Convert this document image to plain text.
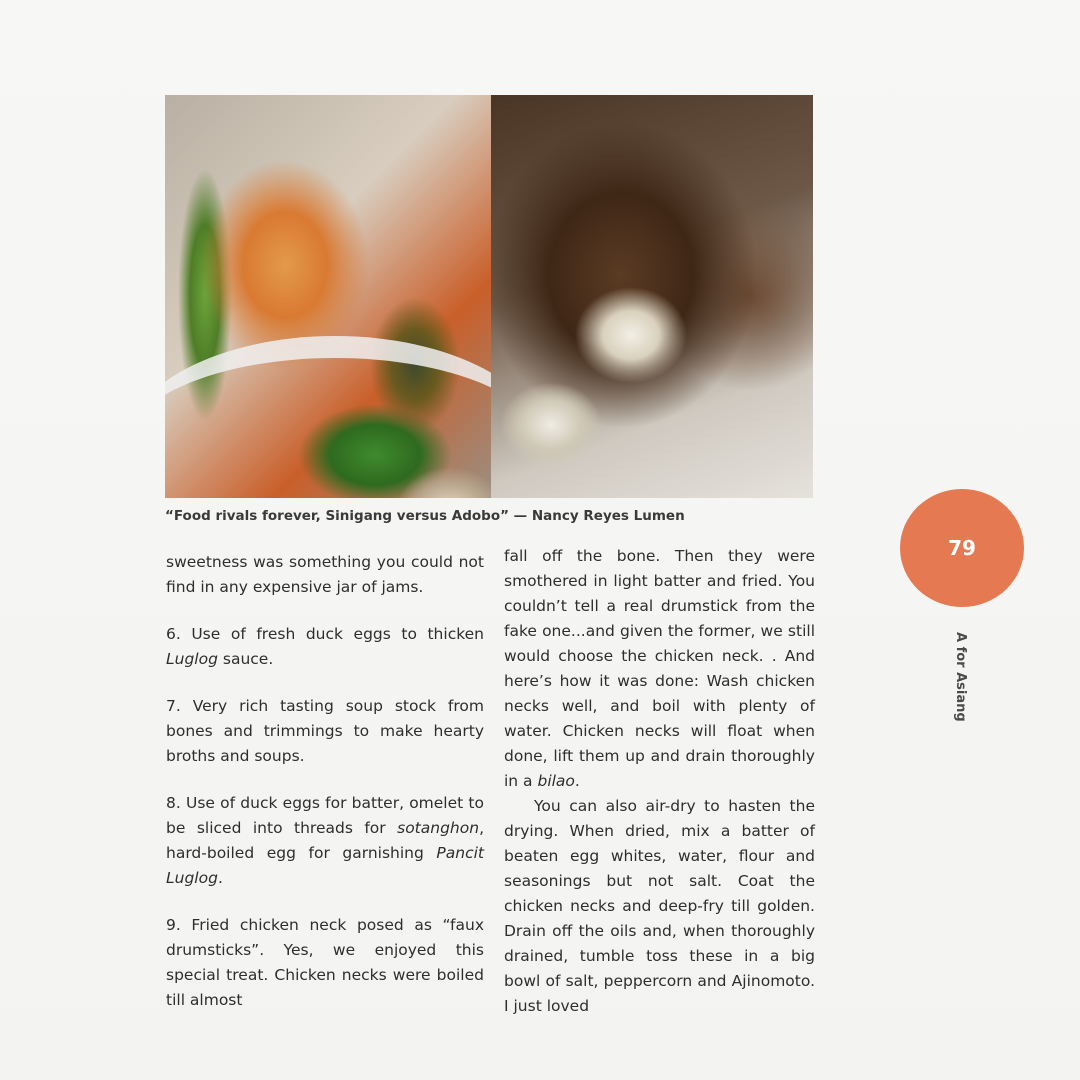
“Food rivals forever, Sinigang versus Adobo” — Nancy Reyes Lumen

sweetness was something you could not find in any expensive jar of jams.

6. Use of fresh duck eggs to thicken Luglog sauce.

7. Very rich tasting soup stock from bones and trimmings to make hearty broths and soups.

8. Use of duck eggs for batter, omelet to be sliced into threads for sotanghon, hard-boiled egg for garnishing Pancit Luglog.

9. Fried chicken neck posed as “faux drumsticks”. Yes, we enjoyed this special treat. Chicken necks were boiled till almost

fall off the bone. Then they were smothered in light batter and fried. You couldn’t tell a real drumstick from the fake one...and given the former, we still would choose the chicken neck. . And here’s how it was done: Wash chicken necks well, and boil with plenty of water. Chicken necks will float when done, lift them up and drain thoroughly in a bilao.

You can also air-dry to hasten the drying. When dried, mix a batter of beaten egg whites, water, flour and seasonings but not salt. Coat the chicken necks and deep-fry till golden. Drain off the oils and, when thoroughly drained, tumble toss these in a big bowl of salt, peppercorn and Ajinomoto. I just loved

79
A for Asiang
